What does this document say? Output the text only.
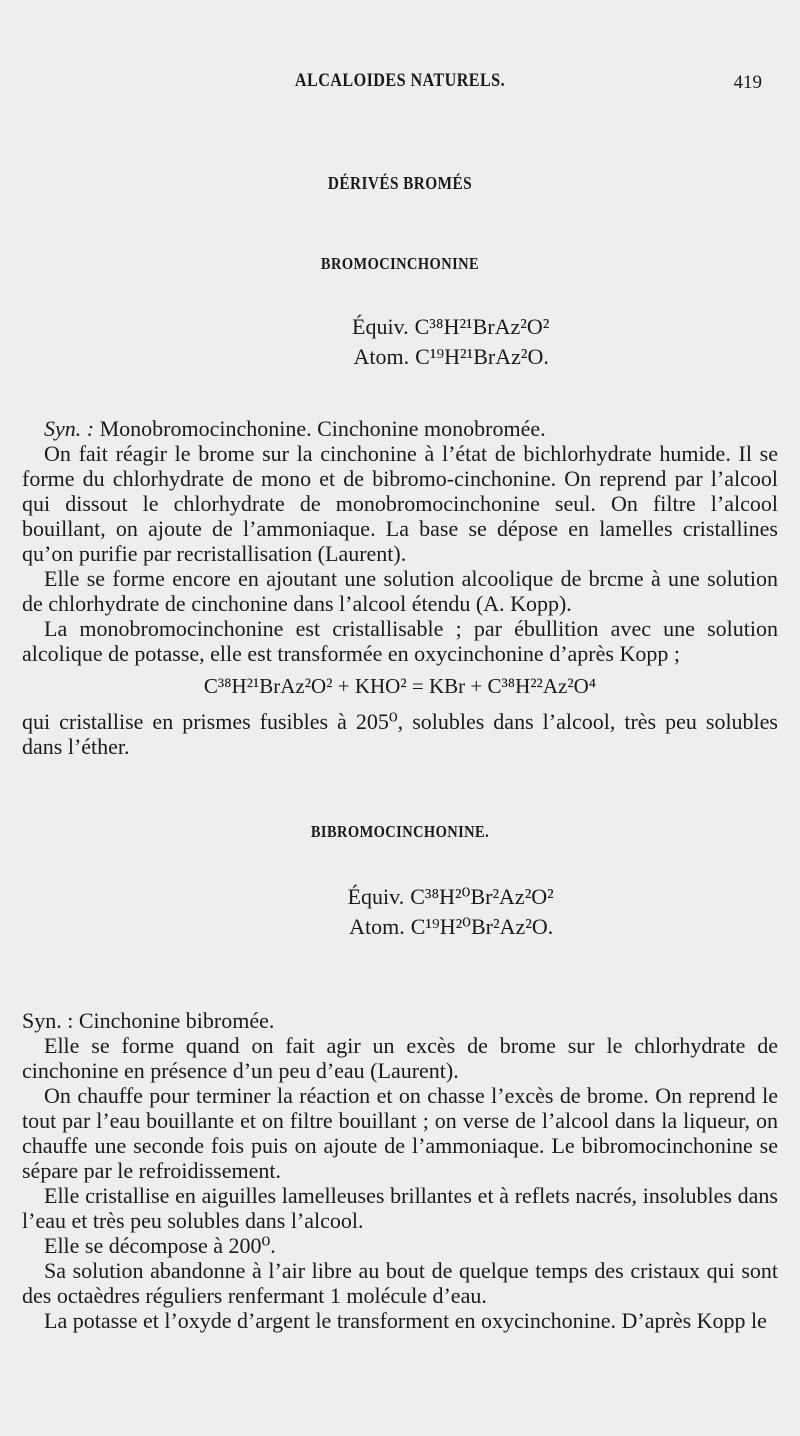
ALCALOIDES NATURELS.	419
DÉRIVÉS BROMÉS
BROMOCINCHONINE
Équiv. C³⁸H²¹BrAz²O²
Atom. C¹⁹H²¹BrAz²O.

Syn. : Monobromocinchonine. Cinchonine monobromée.

On fait réagir le brome sur la cinchonine à l’état de bichlorhydrate humide. Il se forme du chlorhydrate de mono et de bibromo-cinchonine. On reprend par l’alcool qui dissout le chlorhydrate de monobromocinchonine seul. On filtre l’alcool bouillant, on ajoute de l’ammoniaque. La base se dépose en lamelles cristallines qu’on purifie par recristallisation (Laurent).

Elle se forme encore en ajoutant une solution alcoolique de brcme à une solution de chlorhydrate de cinchonine dans l’alcool étendu (A. Kopp).

La monobromocinchonine est cristallisable ; par ébullition avec une solution alcolique de potasse, elle est transformée en oxycinchonine d’après Kopp ;

C³⁸H²¹BrAz²O² + KHO² = KBr + C³⁸H²²Az²O⁴

qui cristallise en prismes fusibles à 205⁰, solubles dans l’alcool, très peu solubles dans l’éther.

BIBROMOCINCHONINE.
Équiv. C³⁸H²⁰Br²Az²O²
Atom. C¹⁹H²⁰Br²Az²O.

Syn. : Cinchonine bibromée.

Elle se forme quand on fait agir un excès de brome sur le chlorhydrate de cinchonine en présence d’un peu d’eau (Laurent).

On chauffe pour terminer la réaction et on chasse l’excès de brome. On reprend le tout par l’eau bouillante et on filtre bouillant ; on verse de l’alcool dans la liqueur, on chauffe une seconde fois puis on ajoute de l’ammoniaque. Le bibromocinchonine se sépare par le refroidissement.

Elle cristallise en aiguilles lamelleuses brillantes et à reflets nacrés, insolubles dans l’eau et très peu solubles dans l’alcool.

Elle se décompose à 200⁰.

Sa solution abandonne à l’air libre au bout de quelque temps des cristaux qui sont des octaèdres réguliers renfermant 1 molécule d’eau.

La potasse et l’oxyde d’argent le transforment en oxycinchonine. D’après Kopp le
